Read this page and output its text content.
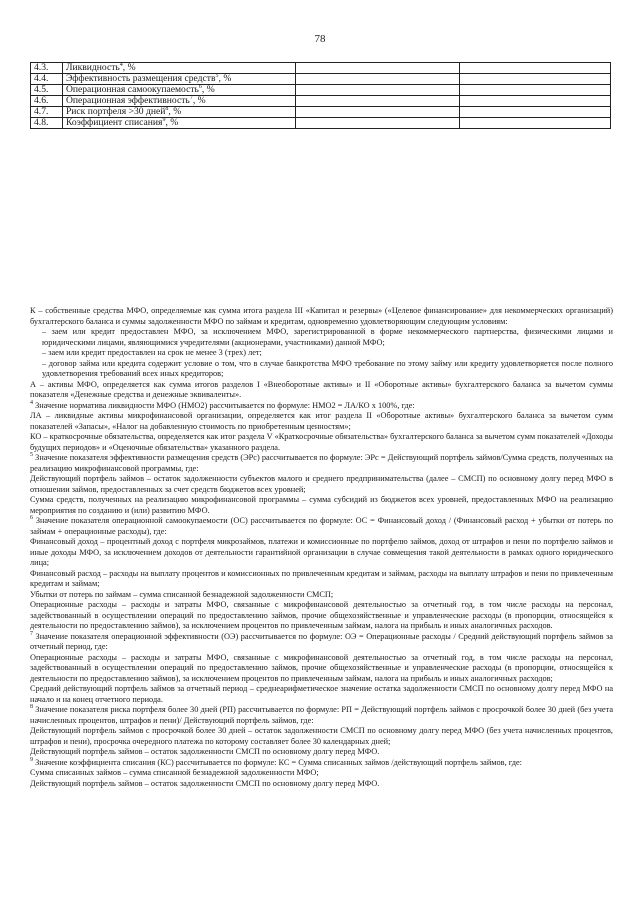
78
4.3.	Ликвидность$^4$, %		
4.4.	Эффективность размещения средств$^5$, %		
4.5.	Операционная самоокупаемость$^6$, %		
4.6.	Операционная эффективность$^7$, %		
4.7.	Риск портфеля >30 дней$^8$, %		
4.8.	Коэффициент списания$^9$, %		

К – собственные средства МФО, определяемые как сумма итога раздела III «Капитал и резервы» («Целевое финансирование» для некоммерческих организаций) бухгалтерского баланса и суммы задолженности МФО по займам и кредитам, одновременно удовлетворяющим следующим условиям:

– заем или кредит предоставлен МФО, за исключением МФО, зарегистрированной в форме некоммерческого партнерства, физическими лицами и юридическими лицами, являющимися учредителями (акционерами, участниками) данной МФО;

– заем или кредит предоставлен на срок не менее 3 (трех) лет;

– договор займа или кредита содержит условие о том, что в случае банкротства МФО требование по этому займу или кредиту удовлетворяется после полного удовлетворения требований всех иных кредиторов;

А – активы МФО, определяется как сумма итогов разделов I «Внеоборотные активы» и II «Оборотные активы» бухгалтерского баланса за вычетом суммы показателя «Денежные средства и денежные эквиваленты».

$^4$ Значение норматива ликвидности МФО (НМО2) рассчитывается по формуле: НМО2 = ЛА/КО х 100%, где:

ЛА – ликвидные активы микрофинансовой организации, определяется как итог раздела II «Оборотные активы» бухгалтерского баланса за вычетом сумм показателей «Запасы», «Налог на добавленную стоимость по приобретенным ценностям»;

КО – краткосрочные обязательства, определяется как итог раздела V «Краткосрочные обязательства» бухгалтерского баланса за вычетом сумм показателей «Доходы будущих периодов» и «Оценочные обязательства» указанного раздела.

$^5$ Значение показателя эффективности размещения средств (ЭРс) рассчитывается по формуле: ЭРс = Действующий портфель займов/Сумма средств, полученных на реализацию микрофинансовой программы, где:

Действующий портфель займов – остаток задолженности субъектов малого и среднего предпринимательства (далее – СМСП) по основному долгу перед МФО в отношении займов, предоставленных за счет средств бюджетов всех уровней;

Сумма средств, полученных на реализацию микрофинансовой программы – сумма субсидий из бюджетов всех уровней, предоставленных МФО на реализацию мероприятия по созданию и (или) развитию МФО.

$^6$ Значение показателя операционной самоокупаемости (ОС) рассчитывается по формуле: ОС = Финансовый доход / (Финансовый расход + убытки от потерь по займам + операционные расходы), где:

Финансовый доход – процентный доход с портфеля микрозаймов, платежи и комиссионные по портфелю займов, доход от штрафов и пени по портфелю займов и иные доходы МФО, за исключением доходов от деятельности гарантийной организации в случае совмещения такой деятельности в рамках одного юридического лица;

Финансовый расход – расходы на выплату процентов и комиссионных по привлеченным кредитам и займам, расходы на выплату штрафов и пени по привлеченным кредитам и займам;

Убытки от потерь по займам – сумма списанной безнадежной задолженности СМСП;

Операционные расходы – расходы и затраты МФО, связанные с микрофинансовой деятельностью за отчетный год, в том числе расходы на персонал, задействованный в осуществлении операций по предоставлению займов, прочие общехозяйственные и управленческие расходы (в пропорции, относящейся к деятельности по предоставлению займов), за исключением процентов по привлеченным займам, налога на прибыль и иных аналогичных расходов.

$^7$ Значение показателя операционной эффективности (ОЭ) рассчитывается по формуле: ОЭ = Операционные расходы / Средний действующий портфель займов за отчетный период, где:

Операционные расходы – расходы и затраты МФО, связанные с микрофинансовой деятельностью за отчетный год, в том числе расходы на персонал, задействованный в осуществлении операций по предоставлению займов, прочие общехозяйственные и управленческие расходы (в пропорции, относящейся к деятельности по предоставлению займов), за исключением процентов по привлеченным займам, налога на прибыль и иных аналогичных расходов;

Средний действующий портфель займов за отчетный период – среднеарифметическое значение остатка задолженности СМСП по основному долгу перед МФО на начало и на конец отчетного периода.

$^8$ Значение показателя риска портфеля более 30 дней (РП) рассчитывается по формуле: РП = Действующий портфель займов с просрочкой более 30 дней (без учета начисленных процентов, штрафов и пени)/ Действующий портфель займов, где:

Действующий портфель займов с просрочкой более 30 дней – остаток задолженности СМСП по основному долгу перед МФО (без учета начисленных процентов, штрафов и пени), просрочка очередного платежа по которому составляет более 30 календарных дней;

Действующий портфель займов – остаток задолженности СМСП по основному долгу перед МФО.

$^9$ Значение коэффициента списания (КС) рассчитывается по формуле: КС = Сумма списанных займов /действующий портфель займов, где:

Сумма списанных займов – сумма списанной безнадежной задолженности МФО;

Действующий портфель займов – остаток задолженности СМСП по основному долгу перед МФО.
